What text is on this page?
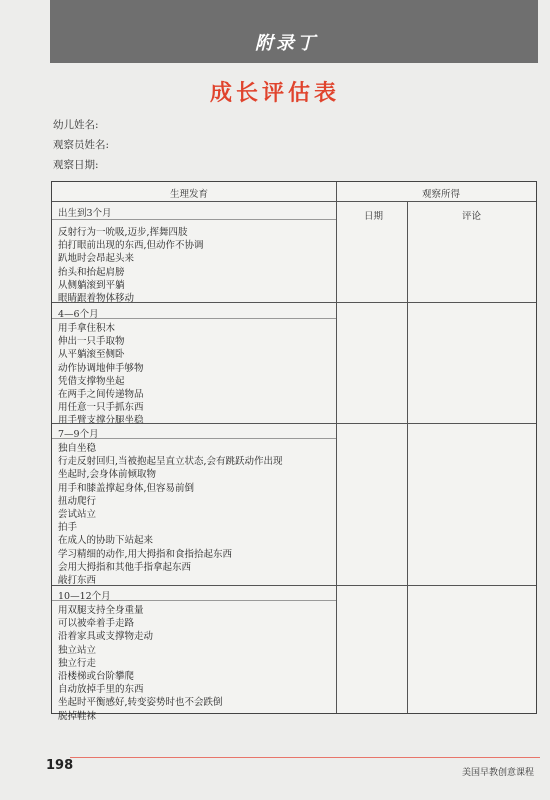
附录丁
成长评估表
幼儿姓名:
观察员姓名:
观察日期:
生理发育	观察所得
日期	评论
出生到3个月
反射行为一吮吸,迈步,挥舞四肢
拍打眼前出现的东西,但动作不协调
趴地时会昂起头来
抬头和抬起肩膀
从侧躺滚到平躺
眼睛跟着物体移动
4—6个月
用手拿住积木
伸出一只手取物
从平躺滚至侧卧
动作协调地伸手够物
凭借支撑物坐起
在两手之间传递物品
用任意一只手抓东西
用手臂支撑分腿坐稳
7—9个月
独自坐稳
行走反射回归,当被抱起呈直立状态,会有跳跃动作出现
坐起时,会身体前倾取物
用手和膝盖撑起身体,但容易前倒
扭动爬行
尝试站立
拍手
在成人的协助下站起来
学习精细的动作,用大拇指和食指拾起东西
会用大拇指和其他手指拿起东西
敲打东西
10—12个月
用双腿支持全身重量
可以被牵着手走路
沿着家具或支撑物走动
独立站立
独立行走
沿楼梯或台阶攀爬
自动放掉手里的东西
坐起时平衡感好,转变姿势时也不会跌倒
脱掉鞋袜
198	美国早教创意课程
